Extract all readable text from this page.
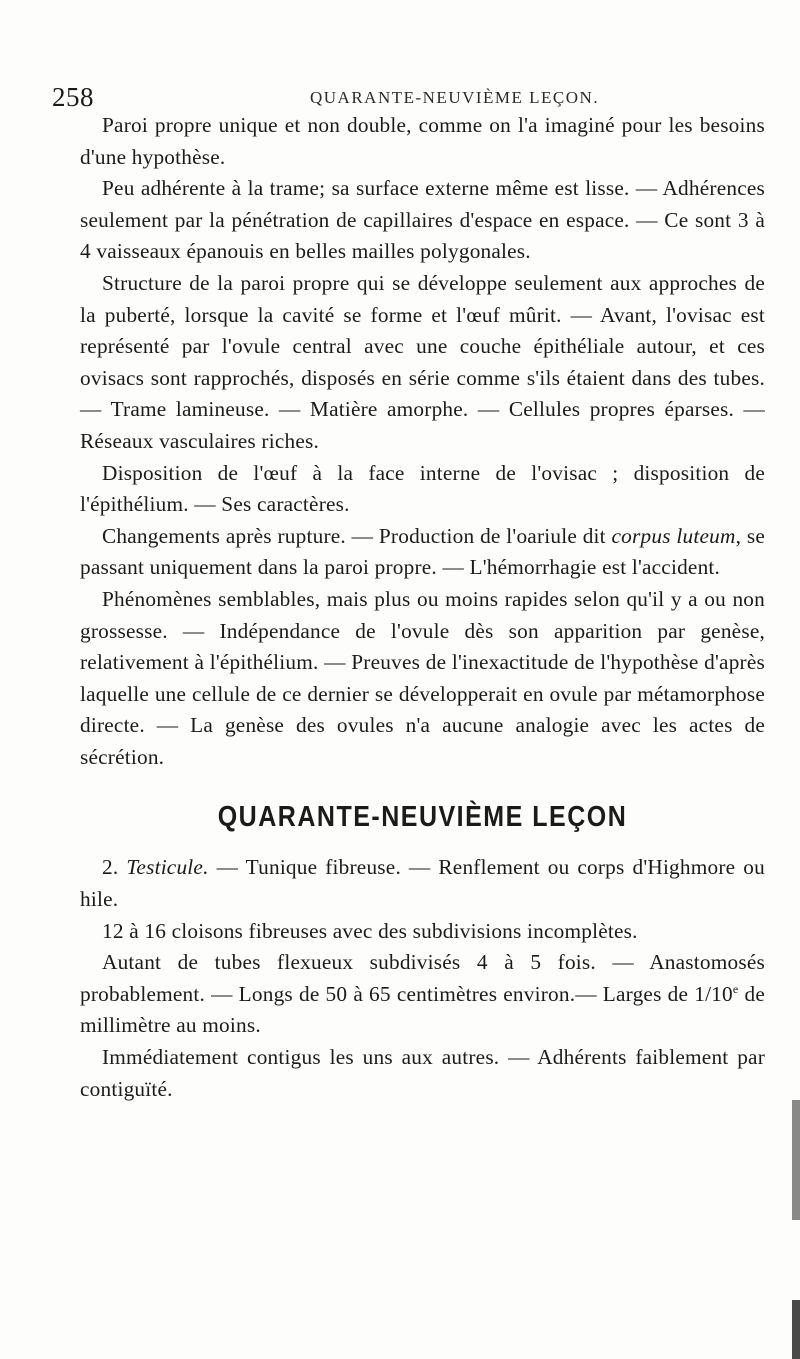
258	QUARANTE-NEUVIÈME LEÇON.

Paroi propre unique et non double, comme on l'a imaginé pour les besoins d'une hypothèse.

Peu adhérente à la trame; sa surface externe même est lisse. — Adhérences seulement par la pénétration de capillaires d'espace en espace. — Ce sont 3 à 4 vaisseaux épanouis en belles mailles polygonales.

Structure de la paroi propre qui se développe seulement aux approches de la puberté, lorsque la cavité se forme et l'œuf mûrit. — Avant, l'ovisac est représenté par l'ovule central avec une couche épithéliale autour, et ces ovisacs sont rapprochés, disposés en série comme s'ils étaient dans des tubes. — Trame lamineuse. — Matière amorphe. — Cellules propres éparses. — Réseaux vasculaires riches.

Disposition de l'œuf à la face interne de l'ovisac ; disposition de l'épithélium. — Ses caractères.

Changements après rupture. — Production de l'oariule dit corpus luteum, se passant uniquement dans la paroi propre. — L'hémorrhagie est l'accident.

Phénomènes semblables, mais plus ou moins rapides selon qu'il y a ou non grossesse. — Indépendance de l'ovule dès son apparition par genèse, relativement à l'épithélium. — Preuves de l'inexactitude de l'hypothèse d'après laquelle une cellule de ce dernier se développerait en ovule par métamorphose directe. — La genèse des ovules n'a aucune analogie avec les actes de sécrétion.

QUARANTE-NEUVIÈME LEÇON

2. Testicule. — Tunique fibreuse. — Renflement ou corps d'Highmore ou hile.

12 à 16 cloisons fibreuses avec des subdivisions incomplètes.

Autant de tubes flexueux subdivisés 4 à 5 fois. — Anastomosés probablement. — Longs de 50 à 65 centimètres environ.— Larges de 1/10e de millimètre au moins.

Immédiatement contigus les uns aux autres. — Adhérents faiblement par contiguïté.
